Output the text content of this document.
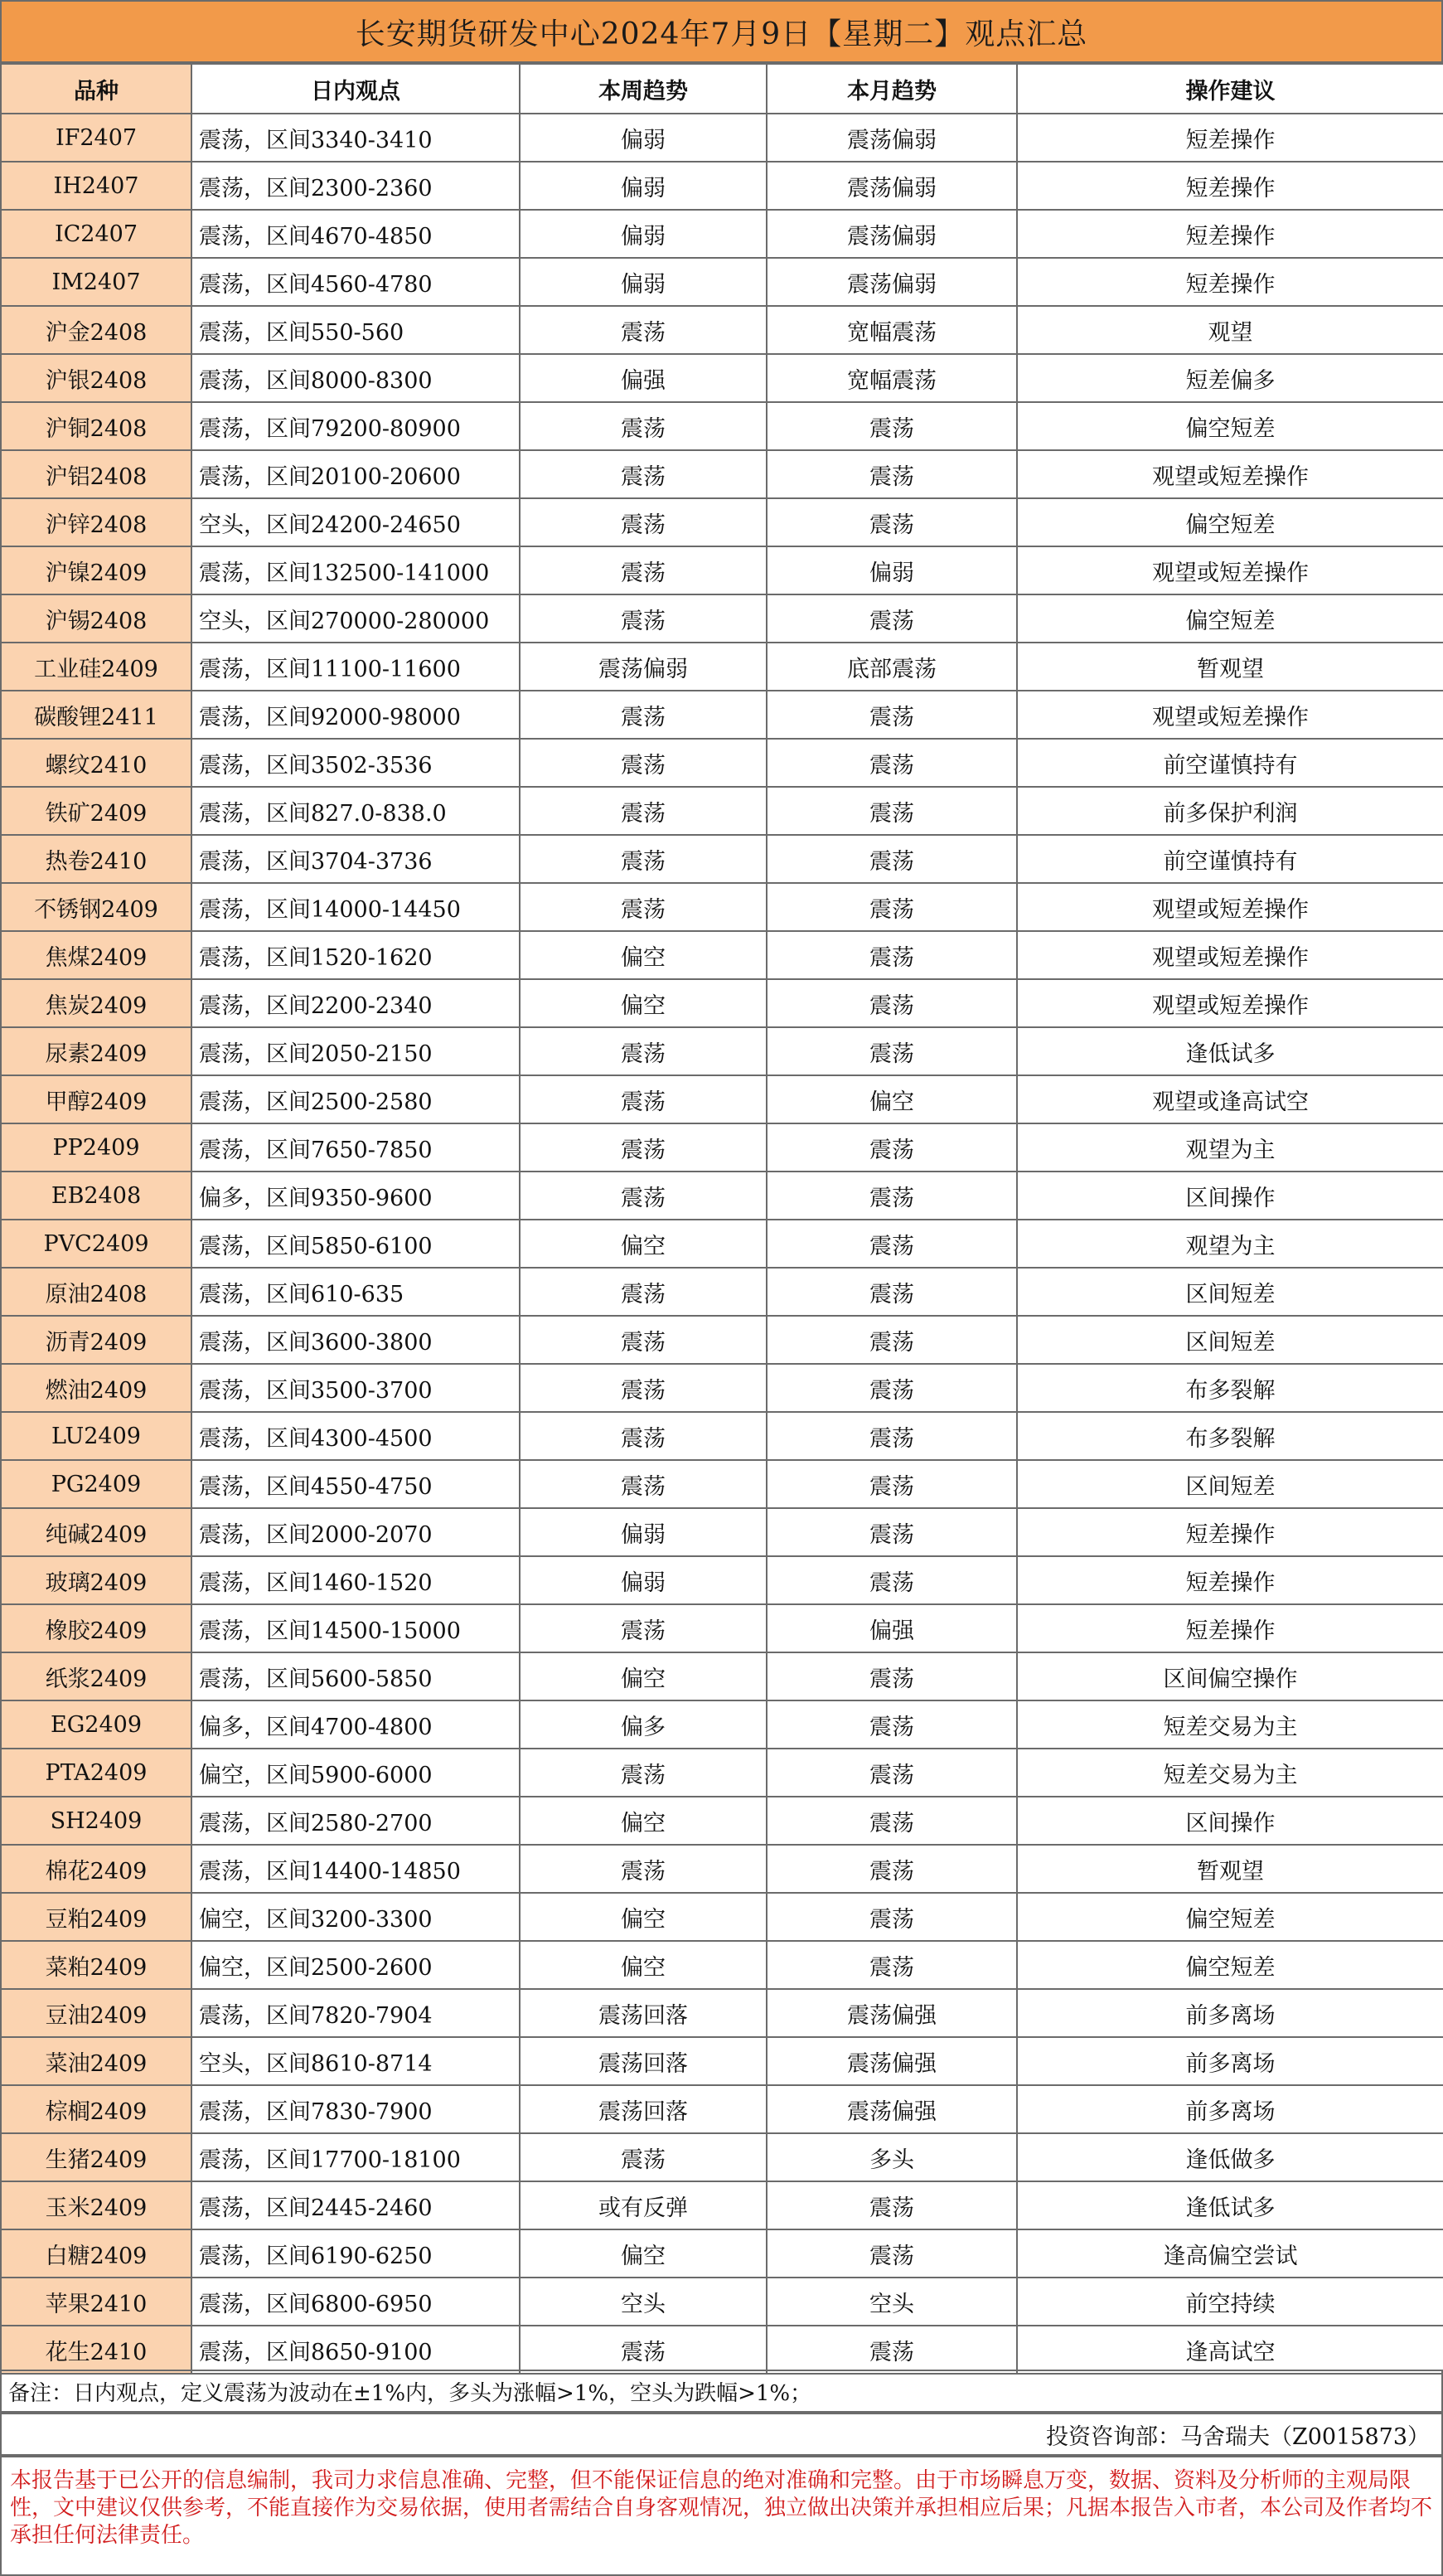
长安期货研发中心2024年7月9日【星期二】观点汇总
品种	日内观点	本周趋势	本月趋势	操作建议
IF2407	震荡，区间3340-3410	偏弱	震荡偏弱	短差操作
IH2407	震荡，区间2300-2360	偏弱	震荡偏弱	短差操作
IC2407	震荡，区间4670-4850	偏弱	震荡偏弱	短差操作
IM2407	震荡，区间4560-4780	偏弱	震荡偏弱	短差操作
沪金2408	震荡，区间550-560	震荡	宽幅震荡	观望
沪银2408	震荡，区间8000-8300	偏强	宽幅震荡	短差偏多
沪铜2408	震荡，区间79200-80900	震荡	震荡	偏空短差
沪铝2408	震荡，区间20100-20600	震荡	震荡	观望或短差操作
沪锌2408	空头，区间24200-24650	震荡	震荡	偏空短差
沪镍2409	震荡，区间132500-141000	震荡	偏弱	观望或短差操作
沪锡2408	空头，区间270000-280000	震荡	震荡	偏空短差
工业硅2409	震荡，区间11100-11600	震荡偏弱	底部震荡	暂观望
碳酸锂2411	震荡，区间92000-98000	震荡	震荡	观望或短差操作
螺纹2410	震荡，区间3502-3536	震荡	震荡	前空谨慎持有
铁矿2409	震荡，区间827.0-838.0	震荡	震荡	前多保护利润
热卷2410	震荡，区间3704-3736	震荡	震荡	前空谨慎持有
不锈钢2409	震荡，区间14000-14450	震荡	震荡	观望或短差操作
焦煤2409	震荡，区间1520-1620	偏空	震荡	观望或短差操作
焦炭2409	震荡，区间2200-2340	偏空	震荡	观望或短差操作
尿素2409	震荡，区间2050-2150	震荡	震荡	逢低试多
甲醇2409	震荡，区间2500-2580	震荡	偏空	观望或逢高试空
PP2409	震荡，区间7650-7850	震荡	震荡	观望为主
EB2408	偏多，区间9350-9600	震荡	震荡	区间操作
PVC2409	震荡，区间5850-6100	偏空	震荡	观望为主
原油2408	震荡，区间610-635	震荡	震荡	区间短差
沥青2409	震荡，区间3600-3800	震荡	震荡	区间短差
燃油2409	震荡，区间3500-3700	震荡	震荡	布多裂解
LU2409	震荡，区间4300-4500	震荡	震荡	布多裂解
PG2409	震荡，区间4550-4750	震荡	震荡	区间短差
纯碱2409	震荡，区间2000-2070	偏弱	震荡	短差操作
玻璃2409	震荡，区间1460-1520	偏弱	震荡	短差操作
橡胶2409	震荡，区间14500-15000	震荡	偏强	短差操作
纸浆2409	震荡，区间5600-5850	偏空	震荡	区间偏空操作
EG2409	偏多，区间4700-4800	偏多	震荡	短差交易为主
PTA2409	偏空，区间5900-6000	震荡	震荡	短差交易为主
SH2409	震荡，区间2580-2700	偏空	震荡	区间操作
棉花2409	震荡，区间14400-14850	震荡	震荡	暂观望
豆粕2409	偏空，区间3200-3300	偏空	震荡	偏空短差
菜粕2409	偏空，区间2500-2600	偏空	震荡	偏空短差
豆油2409	震荡，区间7820-7904	震荡回落	震荡偏强	前多离场
菜油2409	空头，区间8610-8714	震荡回落	震荡偏强	前多离场
棕榈2409	震荡，区间7830-7900	震荡回落	震荡偏强	前多离场
生猪2409	震荡，区间17700-18100	震荡	多头	逢低做多
玉米2409	震荡，区间2445-2460	或有反弹	震荡	逢低试多
白糖2409	震荡，区间6190-6250	偏空	震荡	逢高偏空尝试
苹果2410	震荡，区间6800-6950	空头	空头	前空持续
花生2410	震荡，区间8650-9100	震荡	震荡	逢高试空
备注：日内观点，定义震荡为波动在±1%内，多头为涨幅>1%，空头为跌幅>1%；
投资咨询部：马舍瑞夫（Z0015873）
本报告基于已公开的信息编制，我司力求信息准确、完整，但不能保证信息的绝对准确和完整。由于市场瞬息万变，数据、资料及分析师的主观局限性，文中建议仅供参考，不能直接作为交易依据，使用者需结合自身客观情况，独立做出决策并承担相应后果；凡据本报告入市者，本公司及作者均不承担任何法律责任。
